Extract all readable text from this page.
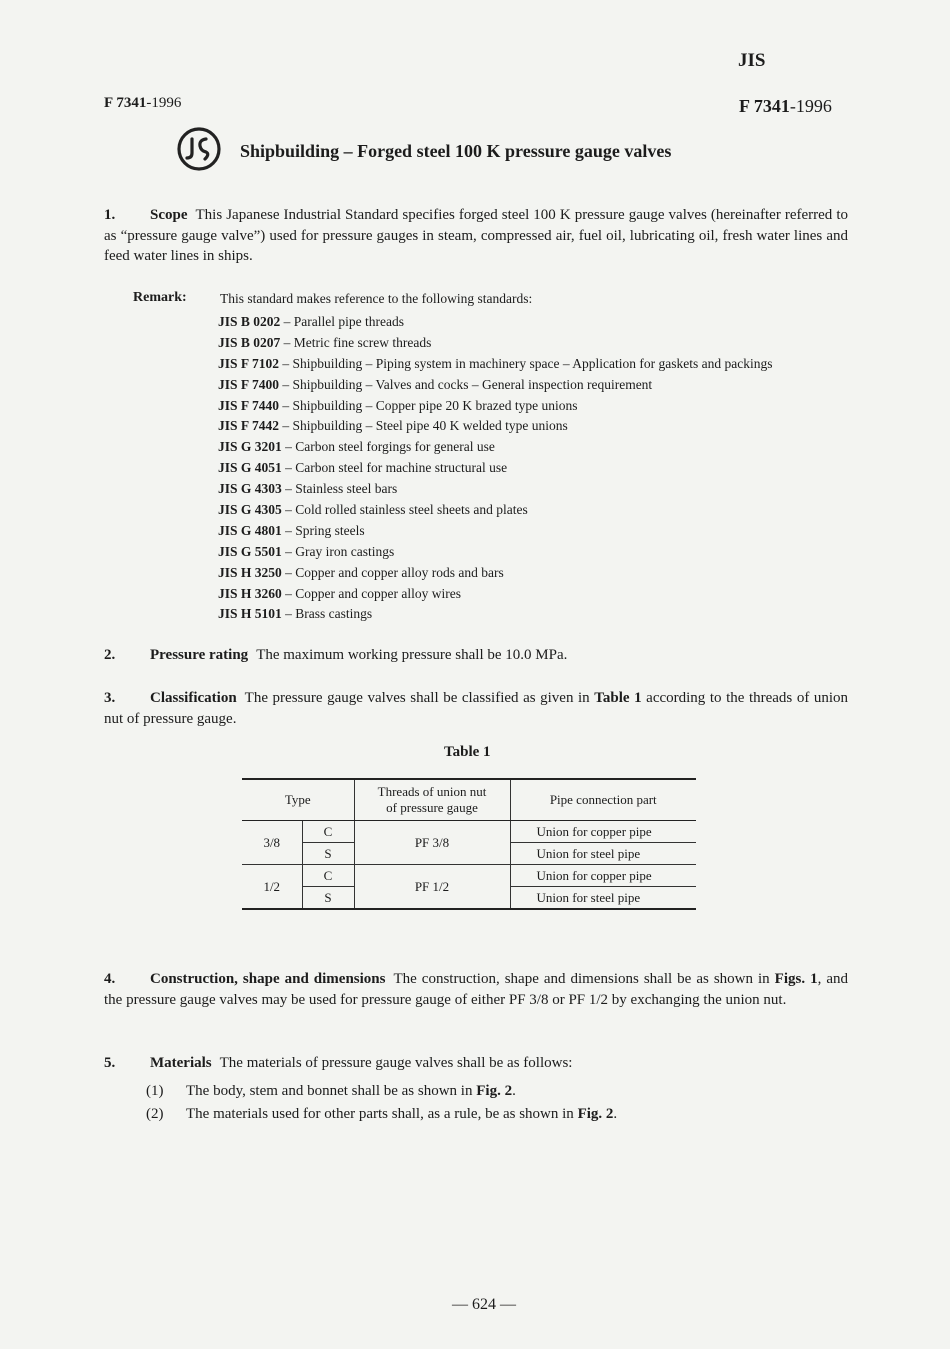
JIS
F 7341-1996	F 7341-1996
Shipbuilding – Forged steel 100 K pressure gauge valves
1. Scope This Japanese Industrial Standard specifies forged steel 100 K pressure gauge valves (hereinafter referred to as “pressure gauge valve”) used for pressure gauges in steam, compressed air, fuel oil, lubricating oil, fresh water lines and feed water lines in ships.
Remark: This standard makes reference to the following standards:
JIS B 0202 – Parallel pipe threads
JIS B 0207 – Metric fine screw threads
JIS F 7102 – Shipbuilding – Piping system in machinery space – Application for gaskets and packings
JIS F 7400 – Shipbuilding – Valves and cocks – General inspection requirement
JIS F 7440 – Shipbuilding – Copper pipe 20 K brazed type unions
JIS F 7442 – Shipbuilding – Steel pipe 40 K welded type unions
JIS G 3201 – Carbon steel forgings for general use
JIS G 4051 – Carbon steel for machine structural use
JIS G 4303 – Stainless steel bars
JIS G 4305 – Cold rolled stainless steel sheets and plates
JIS G 4801 – Spring steels
JIS G 5501 – Gray iron castings
JIS H 3250 – Copper and copper alloy rods and bars
JIS H 3260 – Copper and copper alloy wires
JIS H 5101 – Brass castings
2. Pressure rating The maximum working pressure shall be 10.0 MPa.
3. Classification The pressure gauge valves shall be classified as given in Table 1 according to the threads of union nut of pressure gauge.
Table 1
Type		Threads of union nut of pressure gauge	Pipe connection part
3/8	C	PF 3/8	Union for copper pipe
	S		Union for steel pipe
1/2	C	PF 1/2	Union for copper pipe
	S		Union for steel pipe
4. Construction, shape and dimensions The construction, shape and dimensions shall be as shown in Figs. 1, and the pressure gauge valves may be used for pressure gauge of either PF 3/8 or PF 1/2 by exchanging the union nut.
5. Materials The materials of pressure gauge valves shall be as follows:
(1) The body, stem and bonnet shall be as shown in Fig. 2.
(2) The materials used for other parts shall, as a rule, be as shown in Fig. 2.
— 624 —
